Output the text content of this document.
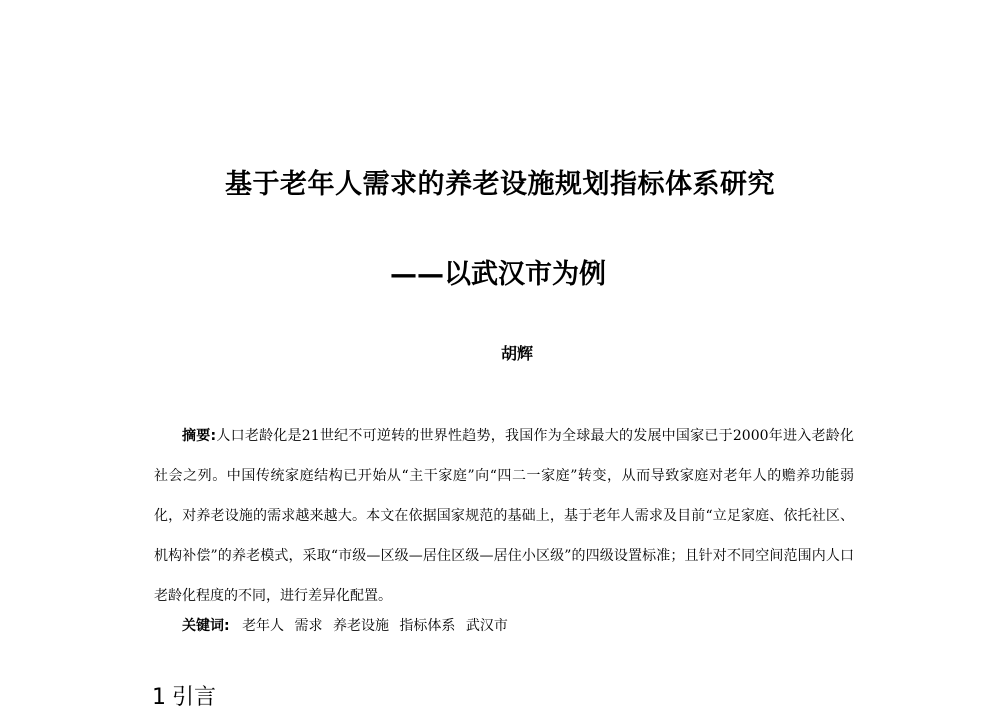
基于老年人需求的养老设施规划指标体系研究
——以武汉市为例
胡辉
摘要:人口老龄化是21世纪不可逆转的世界性趋势，我国作为全球最大的发展中国家已于2000年进入老龄化社会之列。中国传统家庭结构已开始从“主干家庭”向“四二一家庭”转变，从而导致家庭对老年人的赡养功能弱化，对养老设施的需求越来越大。本文在依据国家规范的基础上，基于老年人需求及目前“立足家庭、依托社区、机构补偿”的养老模式，采取“市级—区级—居住区级—居住小区级”的四级设置标准；且针对不同空间范围内人口老龄化程度的不同，进行差异化配置。
关键词: 老年人 需求 养老设施 指标体系 武汉市
1 引言
